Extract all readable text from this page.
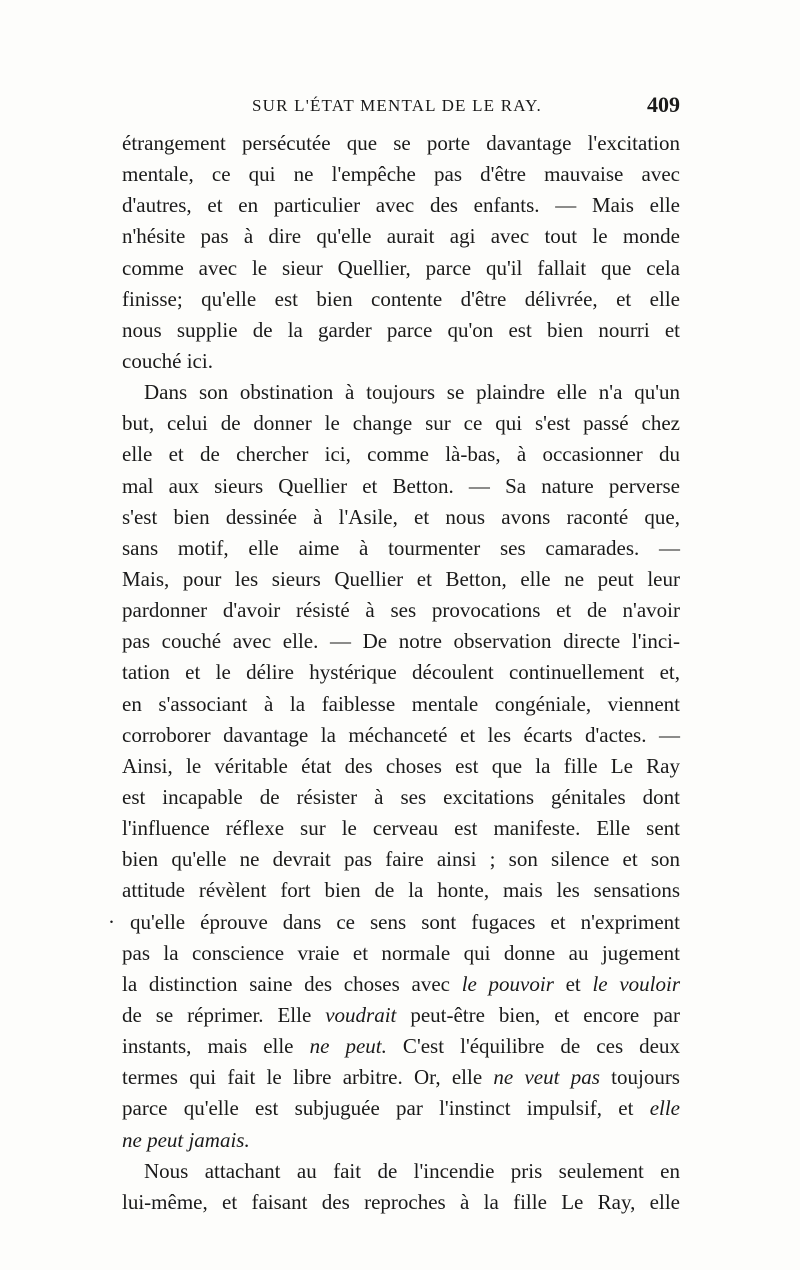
SUR L'ÉTAT MENTAL DE LE RAY.	409
étrangement persécutée que se porte davantage l'excitation
mentale, ce qui ne l'empêche pas d'être mauvaise avec
d'autres, et en particulier avec des enfants. — Mais elle
n'hésite pas à dire qu'elle aurait agi avec tout le monde
comme avec le sieur Quellier, parce qu'il fallait que cela
finisse; qu'elle est bien contente d'être délivrée, et elle
nous supplie de la garder parce qu'on est bien nourri et
couché ici.
Dans son obstination à toujours se plaindre elle n'a qu'un
but, celui de donner le change sur ce qui s'est passé chez
elle et de chercher ici, comme là-bas, à occasionner du
mal aux sieurs Quellier et Betton. — Sa nature perverse
s'est bien dessinée à l'Asile, et nous avons raconté que,
sans motif, elle aime à tourmenter ses camarades. —
Mais, pour les sieurs Quellier et Betton, elle ne peut leur
pardonner d'avoir résisté à ses provocations et de n'avoir
pas couché avec elle. — De notre observation directe l'inci-
tation et le délire hystérique découlent continuellement et,
en s'associant à la faiblesse mentale congéniale, viennent
corroborer davantage la méchanceté et les écarts d'actes. —
Ainsi, le véritable état des choses est que la fille Le Ray
est incapable de résister à ses excitations génitales dont
l'influence réflexe sur le cerveau est manifeste. Elle sent
bien qu'elle ne devrait pas faire ainsi ; son silence et son
attitude révèlent fort bien de la honte, mais les sensations
· qu'elle éprouve dans ce sens sont fugaces et n'expriment
pas la conscience vraie et normale qui donne au jugement
la distinction saine des choses avec le pouvoir et le vouloir
de se réprimer. Elle voudrait peut-être bien, et encore par
instants, mais elle ne peut. C'est l'équilibre de ces deux
termes qui fait le libre arbitre. Or, elle ne veut pas toujours
parce qu'elle est subjuguée par l'instinct impulsif, et elle
ne peut jamais.
Nous attachant au fait de l'incendie pris seulement en
lui-même, et faisant des reproches à la fille Le Ray, elle
